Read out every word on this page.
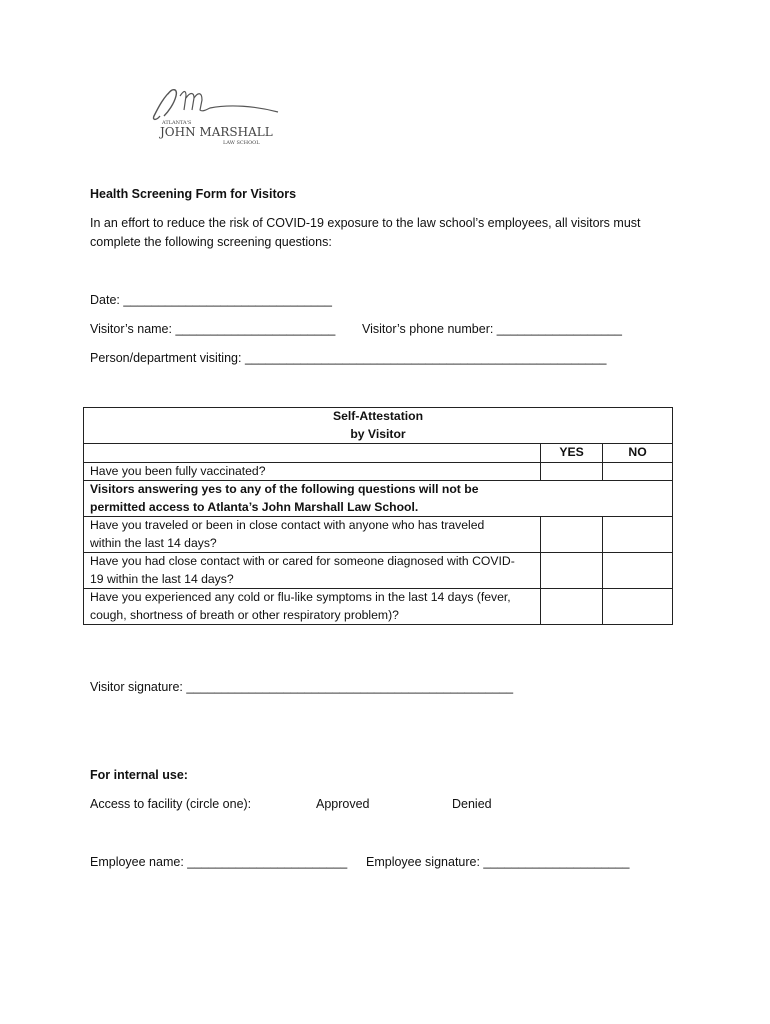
ATLANTA'S
JOHN MARSHALL
LAW SCHOOL
Health Screening Form for Visitors
In an effort to reduce the risk of COVID-19 exposure to the law school’s employees, all visitors must
complete the following screening questions:
Date: ______________________________
Visitor’s name: _______________________ Visitor’s phone number: __________________
Person/department visiting: ____________________________________________________
Self-Attestation
by Visitor		

	YES	NO
Have you been fully vaccinated?		

Visitors answering yes to any of the following questions will not be
permitted access to Atlanta’s John Marshall Law School.		

Have you traveled or been in close contact with anyone who has traveled
within the last 14 days?		

Have you had close contact with or cared for someone diagnosed with COVID-
19 within the last 14 days?		

Have you experienced any cold or flu-like symptoms in the last 14 days (fever,
cough, shortness of breath or other respiratory problem)?		

Visitor signature: _______________________________________________
For internal use:
Access to facility (circle one):	Approved	Denied
Employee name: _______________________ Employee signature: _____________________
